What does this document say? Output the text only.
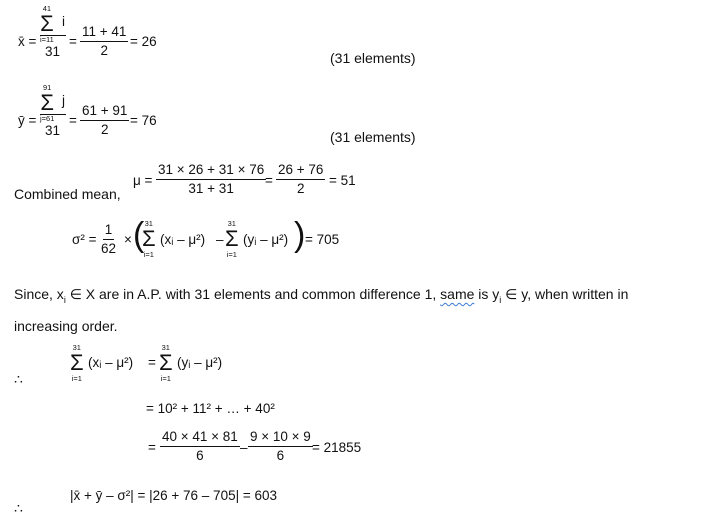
x̄ =
41
Σ
i=11
i
31
= $\frac{11 + 41}{2} = 26$
(31 elements)
ȳ =
91
Σ
j=61
j
31
= $\frac{61 + 91}{2} = 76$
(31 elements)
Combined mean,
$\mu = \frac{31 \times 26 + 31 \times 76}{31 + 31}$
= $\frac{26 + 76}{2} = 51$
$\sigma^2 = \frac{1}{62}$ × ( 31
Σ
i=1
(xᵢ – μ²) –
31
Σ
i=1
(yᵢ – μ²) ) = 705
Since, $x_i$ ∈ X are in A.P. with 31 elements and common difference 1, same is $y_i$ ∈ y, when written in
increasing order.
∴
31
Σ
i=1
(xᵢ – μ²) =
31
Σ
i=1
(yᵢ – μ²)
= 10² + 11² + … + 40²
= $\frac{40 \times 41 \times 81}{6} - \frac{9 \times 10 \times 9}{6} = 21855$
∴
|x̄ + ȳ – σ²| = |26 + 76 – 705| = 603
